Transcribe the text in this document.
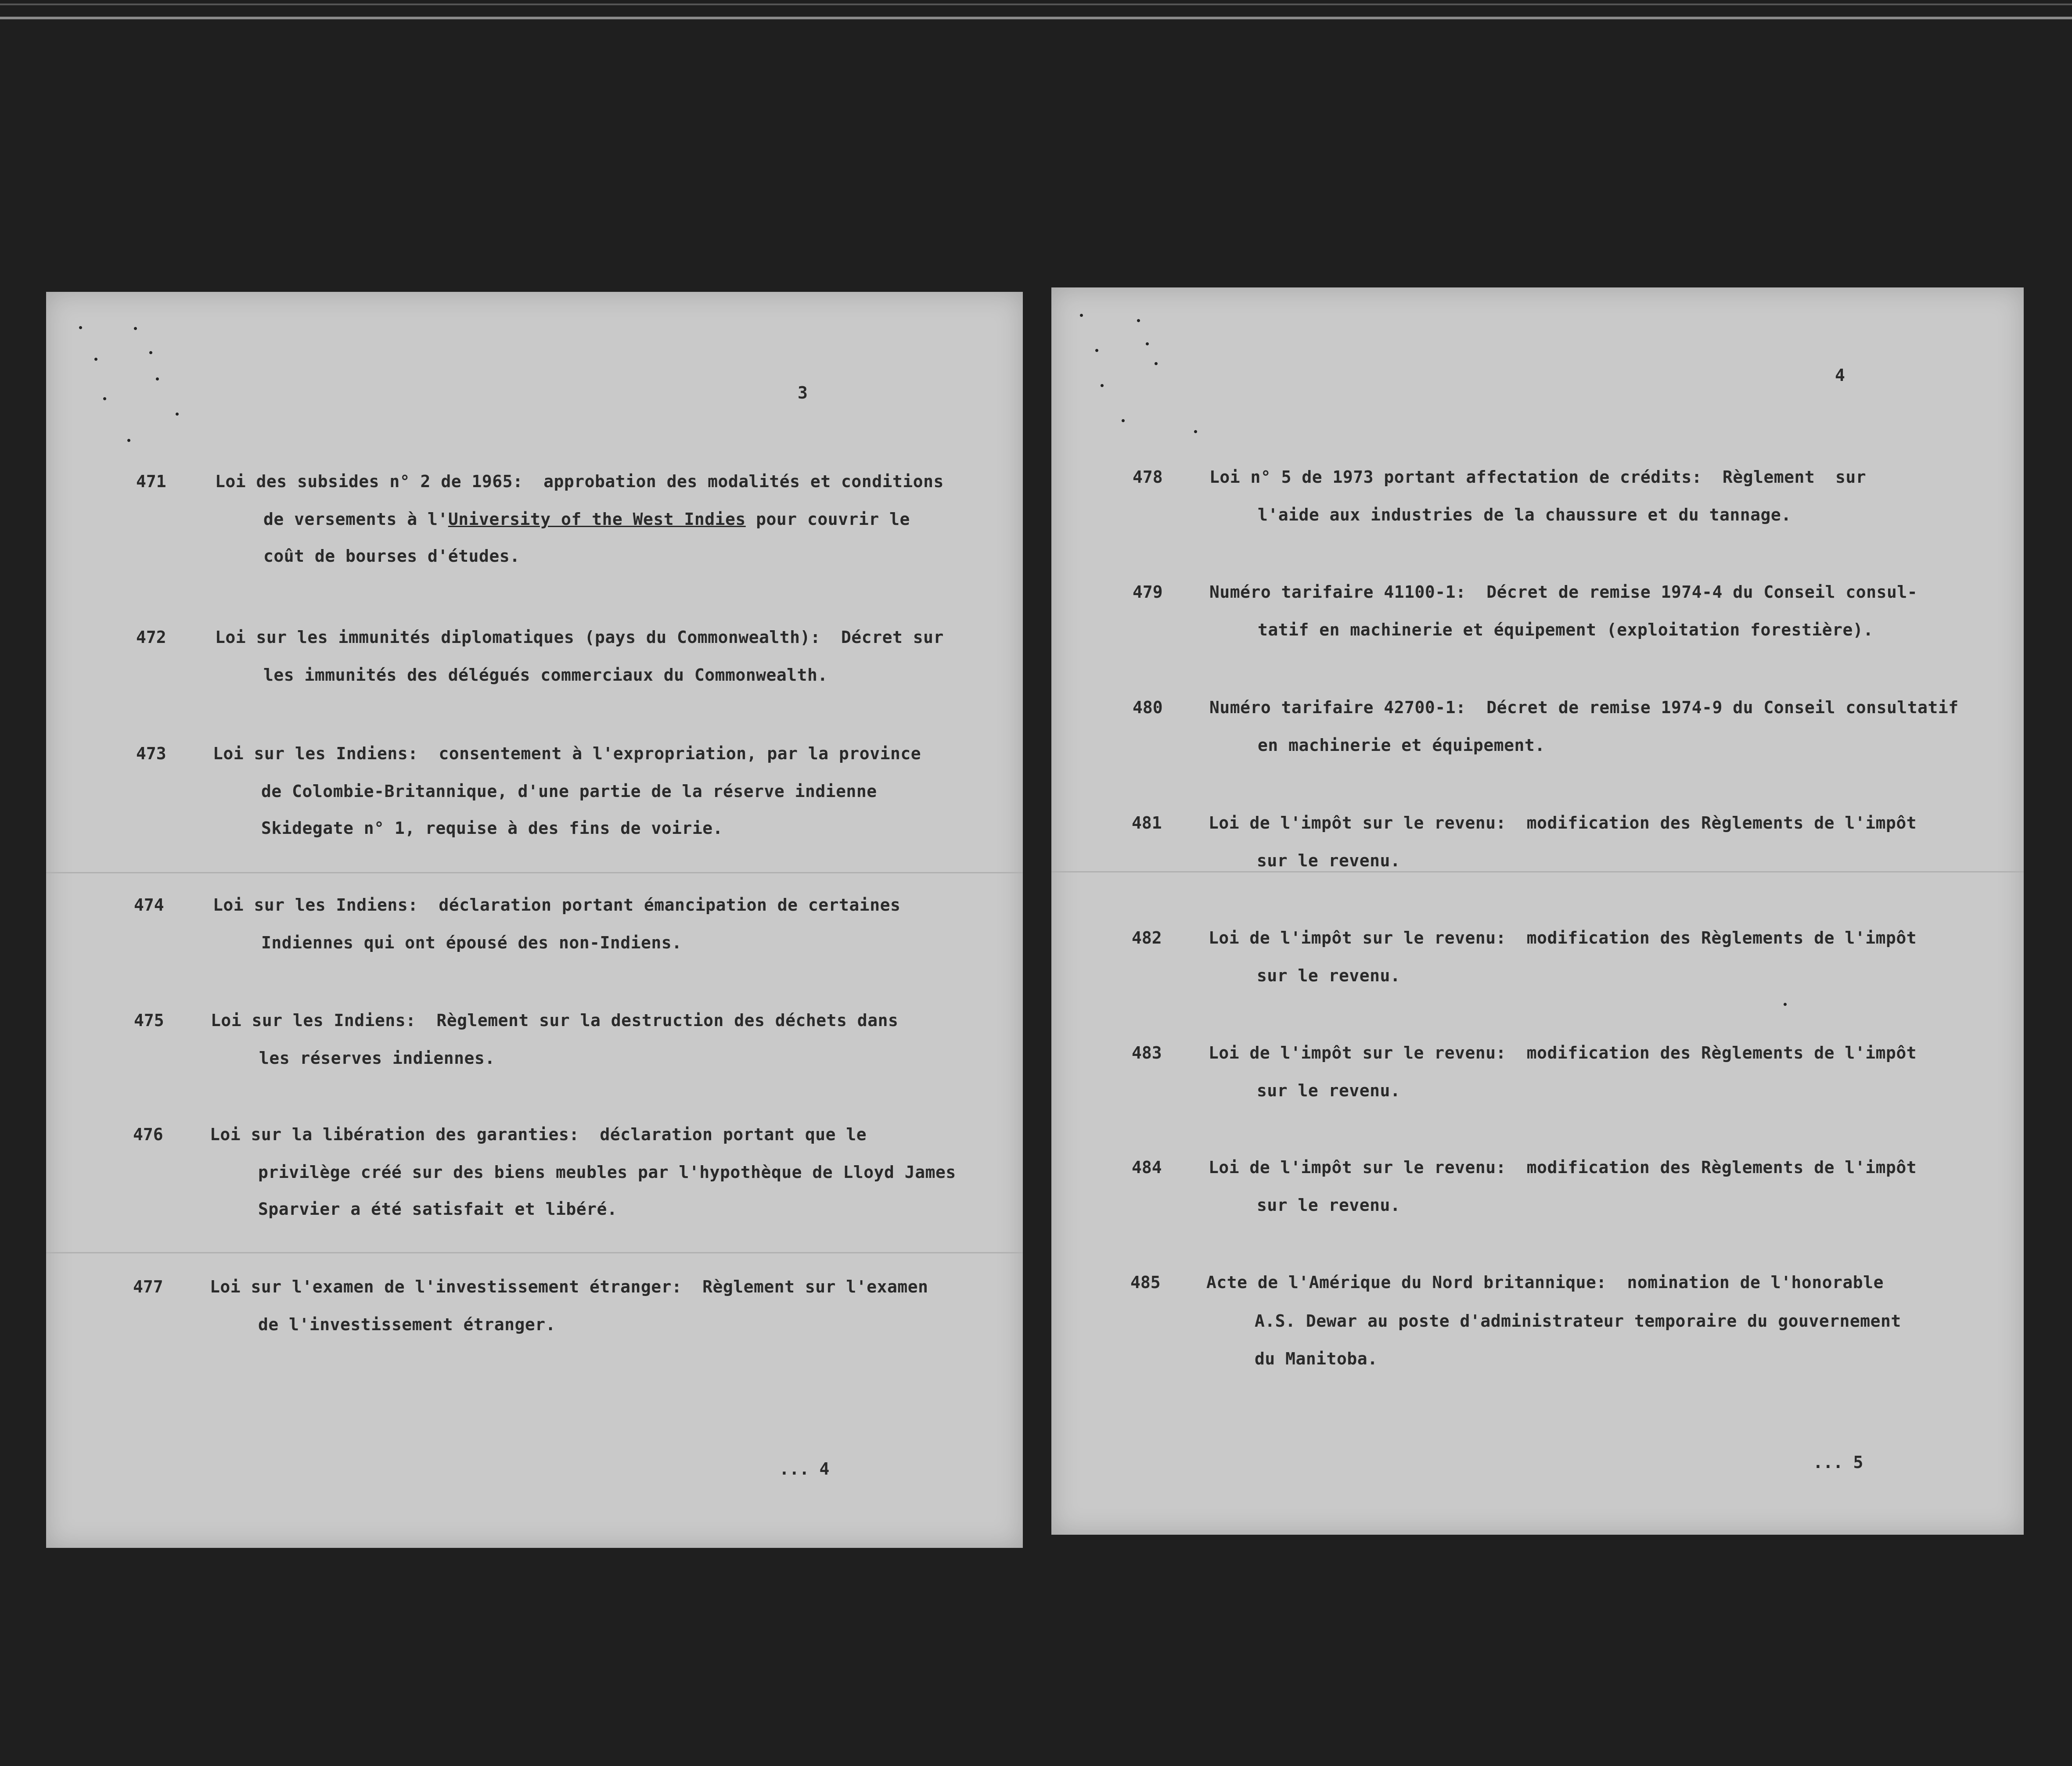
3
471	Loi des subsides n° 2 de 1965:  approbation des modalités et conditions
de versements à l'University of the West Indies pour couvrir le
coût de bourses d'études.
472	Loi sur les immunités diplomatiques (pays du Commonwealth):  Décret sur
les immunités des délégués commerciaux du Commonwealth.
473	Loi sur les Indiens:  consentement à l'expropriation, par la province
de Colombie-Britannique, d'une partie de la réserve indienne
Skidegate n° 1, requise à des fins de voirie.
474	Loi sur les Indiens:  déclaration portant émancipation de certaines
Indiennes qui ont épousé des non-Indiens.
475	Loi sur les Indiens:  Règlement sur la destruction des déchets dans
les réserves indiennes.
476	Loi sur la libération des garanties:  déclaration portant que le
privilège créé sur des biens meubles par l'hypothèque de Lloyd James
Sparvier a été satisfait et libéré.
477	Loi sur l'examen de l'investissement étranger:  Règlement sur l'examen
de l'investissement étranger.
... 4
4
478	Loi n° 5 de 1973 portant affectation de crédits:  Règlement  sur
l'aide aux industries de la chaussure et du tannage.
479	Numéro tarifaire 41100-1:  Décret de remise 1974-4 du Conseil consul-
tatif en machinerie et équipement (exploitation forestière).
480	Numéro tarifaire 42700-1:  Décret de remise 1974-9 du Conseil consultatif
en machinerie et équipement.
481	Loi de l'impôt sur le revenu:  modification des Règlements de l'impôt
sur le revenu.
482	Loi de l'impôt sur le revenu:  modification des Règlements de l'impôt
sur le revenu.
483	Loi de l'impôt sur le revenu:  modification des Règlements de l'impôt
sur le revenu.
484	Loi de l'impôt sur le revenu:  modification des Règlements de l'impôt
sur le revenu.
485	Acte de l'Amérique du Nord britannique:  nomination de l'honorable
A.S. Dewar au poste d'administrateur temporaire du gouvernement
du Manitoba.
... 5
